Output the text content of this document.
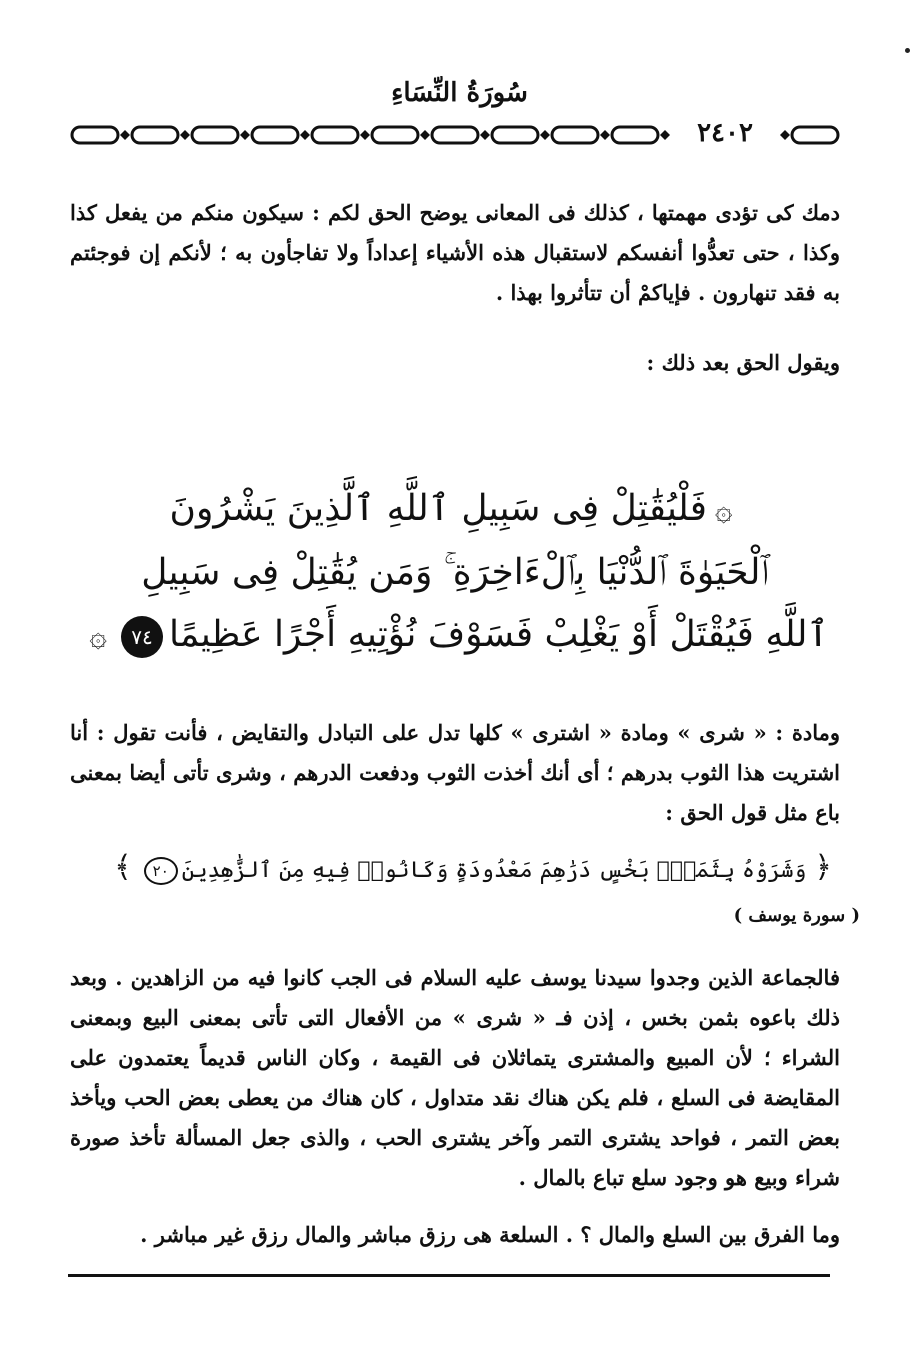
سُورَةُ النِّسَاءِ
٢٤٠٢
دمك كى تؤدى مهمتها ، كذلك فى المعانى يوضح الحق لكم : سيكون منكم من يفعل كذا وكذا ، حتى تعدُّوا أنفسكم لاستقبال هذه الأشياء إعداداً ولا تفاجأون به ؛ لأنكم إن فوجئتم به فقد تنهارون . فإياكمْ أن تتأثروا بهذا .
ويقول الحق بعد ذلك :
۞فَلْيُقَٰتِلْ فِى سَبِيلِ ٱللَّهِ ٱلَّذِينَ يَشْرُونَ
ٱلْحَيَوٰةَ ٱلدُّنْيَا بِٱلْءَاخِرَةِ ۚ وَمَن يُقَٰتِلْ فِى سَبِيلِ
ٱللَّهِ فَيُقْتَلْ أَوْ يَغْلِبْ فَسَوْفَ نُؤْتِيهِ أَجْرًا عَظِيمًا٧٤۞
ومادة : « شرى » ومادة « اشترى » كلها تدل على التبادل والتقايض ، فأنت تقول : أنا اشتريت هذا الثوب بدرهم ؛ أى أنك أخذت الثوب ودفعت الدرهم ، وشرى تأتى أيضا بمعنى باع مثل قول الحق :
﴿وَشَرَوْهُ بِثَمَنٍۭ بَخْسٍ دَرَٰهِمَ مَعْدُودَةٍ وَكَانُوا۟ فِيهِ مِنَ ٱلزَّٰهِدِينَ٢٠﴾
( سورة يوسف )
فالجماعة الذين وجدوا سيدنا يوسف عليه السلام فى الجب كانوا فيه من الزاهدين . وبعد ذلك باعوه بثمن بخس ، إذن فـ « شرى » من الأفعال التى تأتى بمعنى البيع وبمعنى الشراء ؛ لأن المبيع والمشترى يتماثلان فى القيمة ، وكان الناس قديماً يعتمدون على المقايضة فى السلع ، فلم يكن هناك نقد متداول ، كان هناك من يعطى بعض الحب ويأخذ بعض التمر ، فواحد يشترى التمر وآخر يشترى الحب ، والذى جعل المسألة تأخذ صورة شراء وبيع هو وجود سلع تباع بالمال .
وما الفرق بين السلع والمال ؟ . السلعة هى رزق مباشر والمال رزق غير مباشر .
